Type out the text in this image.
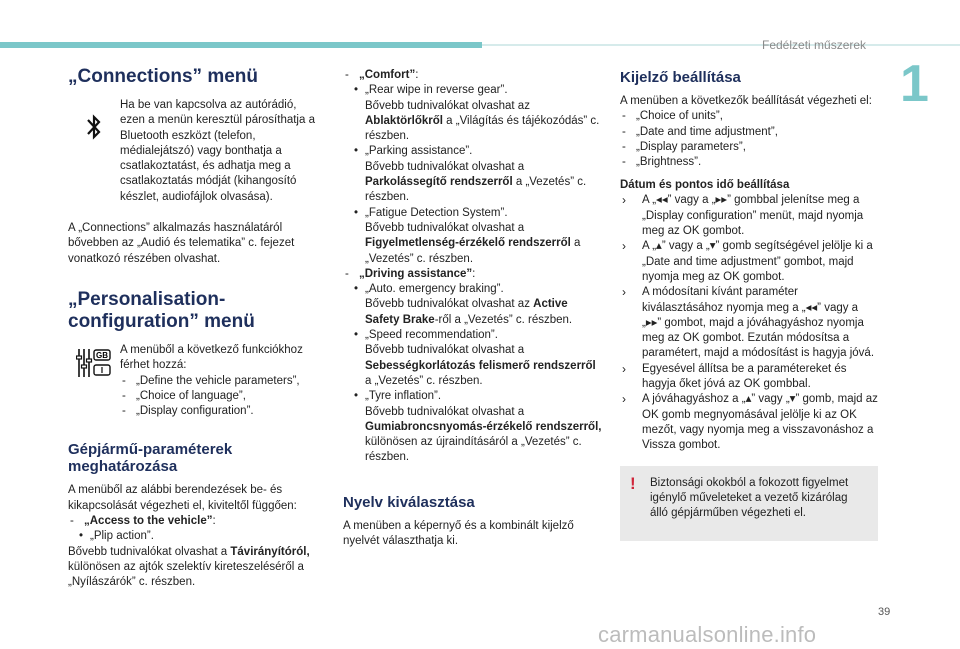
Fedélzeti műszerek
1
„Connections” menü

Ha be van kapcsolva az autórádió, ezen a menün keresztül párosíthatja a Bluetooth eszközt (telefon, médialejátszó) vagy bonthatja a csatlakoztatást, és adhatja meg a csatlakoztatás módját (kihangosító készlet, audiofájlok olvasása).

A „Connections” alkalmazás használatáról bővebben az „Audió és telematika” c. fejezet vonatkozó részében olvashat.

„Personalisation-configuration” menü
GB
I

A menüből a következő funkciókhoz férhet hozzá:

- „Define the vehicle parameters”,
- „Choice of language”,
- „Display configuration”.
Gépjármű-paraméterek meghatározása

A menüből az alábbi berendezések be- és kikapcsolását végezheti el, kiviteltől függően:

- „Access to the vehicle”:
• „Plip action”.

Bővebb tudnivalókat olvashat a Távirányítóról, különösen az ajtók szelektív kireteszeléséről a „Nyílászárók” c. részben.

- „Comfort”:
• „Rear wipe in reverse gear”.
Bővebb tudnivalókat olvashat az Ablaktörlőkről a „Világítás és tájékozódás” c. részben.
• „Parking assistance”.
Bővebb tudnivalókat olvashat a Parkolássegítő rendszerről a „Vezetés” c. részben.
• „Fatigue Detection System”.
Bővebb tudnivalókat olvashat a Figyelmetlenség-érzékelő rendszerről a „Vezetés” c. részben.
- „Driving assistance”:
• „Auto. emergency braking”.
Bővebb tudnivalókat olvashat az Active Safety Brake-ről a „Vezetés” c. részben.
• „Speed recommendation”.
Bővebb tudnivalókat olvashat a Sebességkorlátozás felismerő rendszerről a „Vezetés” c. részben.
• „Tyre inflation”.
Bővebb tudnivalókat olvashat a Gumiabroncsnyomás-érzékelő rendszerről, különösen az újraindításáról a „Vezetés” c. részben.
Nyelv kiválasztása

A menüben a képernyő és a kombinált kijelző nyelvét választhatja ki.

Kijelző beállítása

A menüben a következők beállítását végezheti el:

- „Choice of units”,
- „Date and time adjustment”,
- „Display parameters”,
- „Brightness”.
Dátum és pontos idő beállítása
› A „◂◂” vagy a „▸▸” gombbal jelenítse meg a „Display configuration” menüt, majd nyomja meg az OK gombot.
› A „▴” vagy a „▾” gomb segítségével jelölje ki a „Date and time adjustment” gombot, majd nyomja meg az OK gombot.
› A módosítani kívánt paraméter kiválasztásához nyomja meg a „◂◂” vagy a „▸▸” gombot, majd a jóváhagyáshoz nyomja meg az OK gombot. Ezután módosítsa a paramétert, majd a módosítást is hagyja jóvá.
› Egyesével állítsa be a paramétereket és hagyja őket jóvá az OK gombbal.
› A jóváhagyáshoz a „▴” vagy „▾” gomb, majd az OK gomb megnyomásával jelölje ki az OK mezőt, vagy nyomja meg a visszavonáshoz a Vissza gombot.
! Biztonsági okokból a fokozott figyelmet igénylő műveleteket a vezető kizárólag álló gépjárműben végezheti el.

39
carmanualsonline.info
